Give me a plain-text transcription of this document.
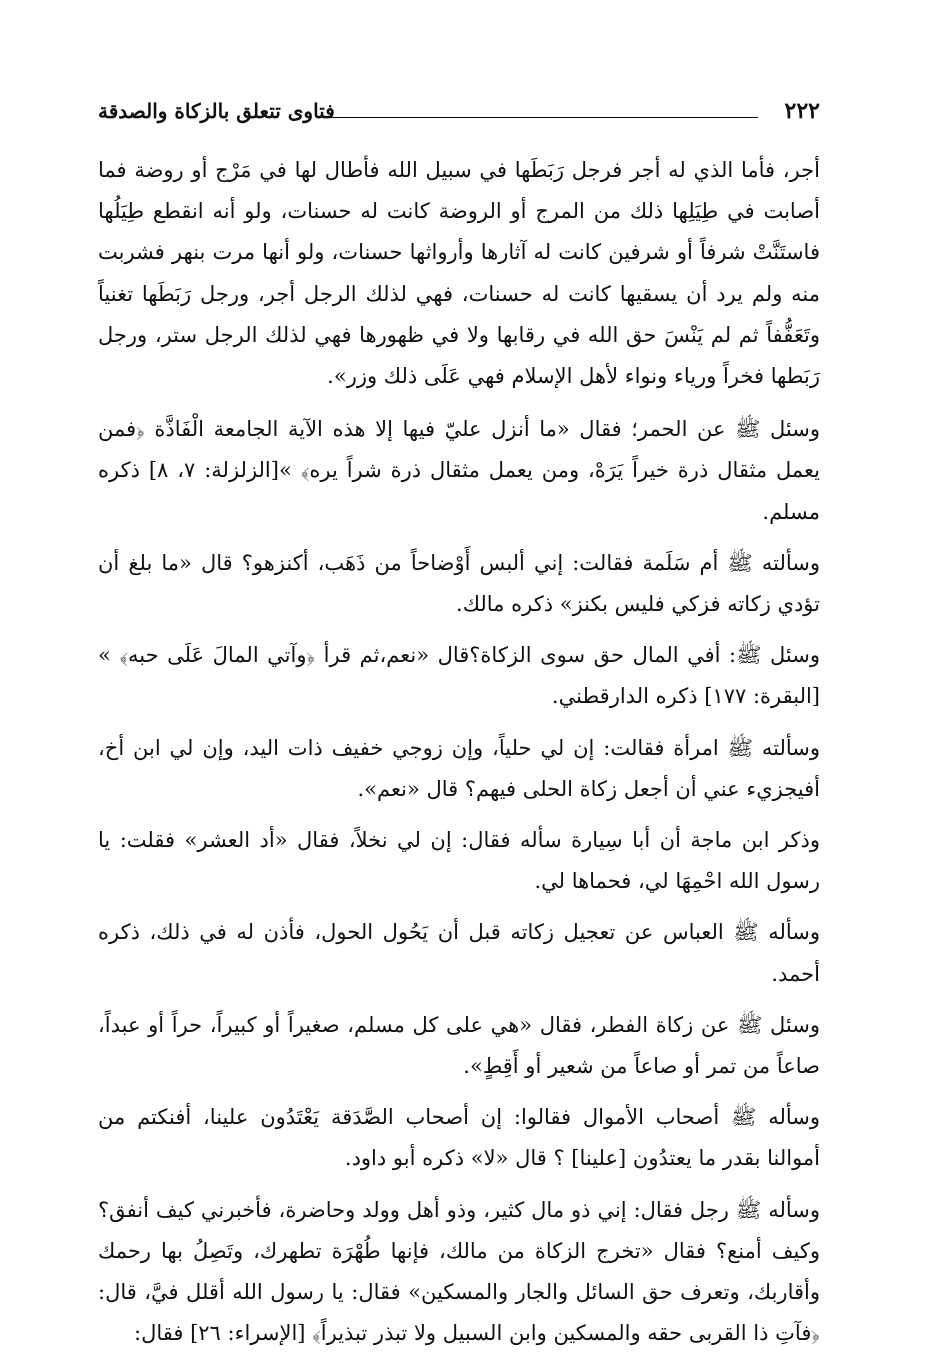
٢٢٢
فتاوى تتعلق بالزكاة والصدقة

أجر، فأما الذي له أجر فرجل رَبَطَها في سبيل الله فأطال لها في مَرْج أو روضة فما أصابت في طِيَلِها ذلك من المرج أو الروضة كانت له حسنات، ولو أنه انقطع طِيَلُها فاستَنَّتْ شرفاً أو شرفين كانت له آثارها وأرواثها حسنات، ولو أنها مرت بنهر فشربت منه ولم يرد أن يسقيها كانت له حسنات، فهي لذلك الرجل أجر، ورجل رَبَطَها تغنياً وتَعَفُّفاً ثم لم يَنْسَ حق الله في رقابها ولا في ظهورها فهي لذلك الرجل ستر، ورجل رَبَطها فخراً ورياء ونواء لأهل الإسلام فهي عَلَى ذلك وزر».

وسئل ﷺ عن الحمر؛ فقال «ما أنزل عليّ فيها إلا هذه الآية الجامعة الْفَاذَّة ﴿فمن يعمل مثقال ذرة خيراً يَرَهْ، ومن يعمل مثقال ذرة شراً يره﴾ »[الزلزلة: ٧، ٨] ذكره مسلم.

وسألته ﷺ أم سَلَمة فقالت: إني ألبس أَوْضاحاً من ذَهَب، أكنزهو؟ قال «ما بلغ أن تؤدي زكاته فزكي فليس بكنز» ذكره مالك.

وسئل ﷺ: أفي المال حق سوى الزكاة؟قال «نعم،ثم قرأ ﴿وآتي المالَ عَلَى حبه﴾ » [البقرة: ١٧٧] ذكره الدارقطني.

وسألته ﷺ امرأة فقالت: إن لي حلياً، وإن زوجي خفيف ذات اليد، وإن لي ابن أخ، أفيجزيء عني أن أجعل زكاة الحلى فيهم؟ قال «نعم».

وذكر ابن ماجة أن أبا سِيارة سأله فقال: إن لي نخلاً، فقال «أد العشر» فقلت: يا رسول الله احْمِهَا لي، فحماها لي.

وسأله ﷺ العباس عن تعجيل زكاته قبل أن يَحُول الحول، فأذن له في ذلك، ذكره أحمد.

وسئل ﷺ عن زكاة الفطر، فقال «هي على كل مسلم، صغيراً أو كبيراً، حراً أو عبداً، صاعاً من تمر أو صاعاً من شعير أو أَقِطٍ».

وسأله ﷺ أصحاب الأموال فقالوا: إن أصحاب الصَّدَقة يَعْتَدُون علينا، أفنكتم من أموالنا بقدر ما يعتدُون [علينا] ؟ قال «لا» ذكره أبو داود.

وسأله ﷺ رجل فقال: إني ذو مال كثير، وذو أهل وولد وحاضرة، فأخبرني كيف أنفق؟ وكيف أمنع؟ فقال «تخرج الزكاة من مالك، فإنها طُهْرَة تطهرك، وتَصِلُ بها رحمك وأقاربك، وتعرف حق السائل والجار والمسكين» فقال: يا رسول الله أقلل فيَّ، قال: ﴿فآتِ ذا القربى حقه والمسكين وابن السبيل ولا تبذر تبذيراً﴾ [الإسراء: ٢٦] فقال:
